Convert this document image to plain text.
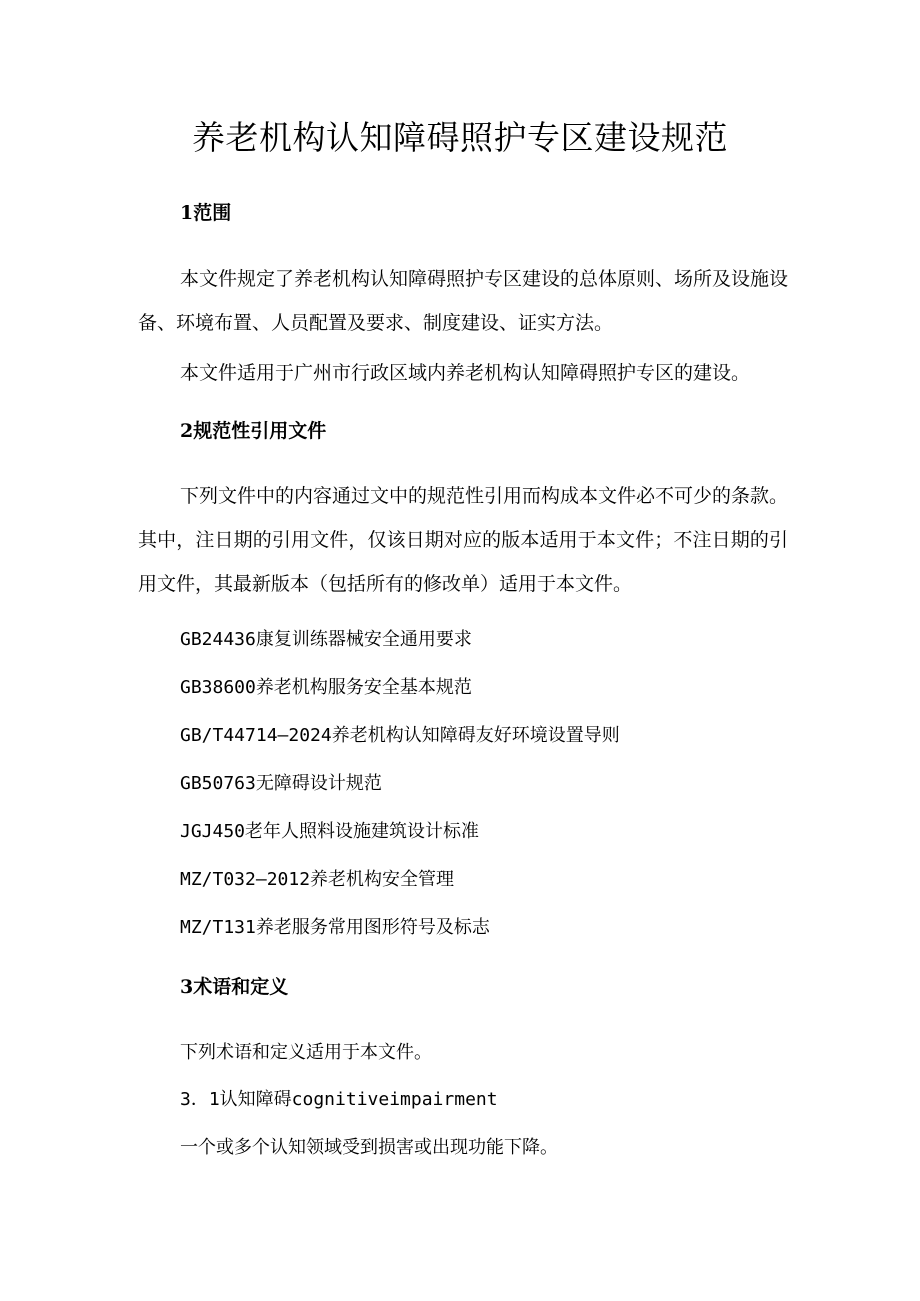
养老机构认知障碍照护专区建设规范
1范围

本文件规定了养老机构认知障碍照护专区建设的总体原则、场所及设施设备、环境布置、人员配置及要求、制度建设、证实方法。

本文件适用于广州市行政区域内养老机构认知障碍照护专区的建设。

2规范性引用文件

下列文件中的内容通过文中的规范性引用而构成本文件必不可少的条款。其中，注日期的引用文件，仅该日期对应的版本适用于本文件；不注日期的引用文件，其最新版本（包括所有的修改单）适用于本文件。

GB24436康复训练器械安全通用要求

GB38600养老机构服务安全基本规范

GB/T44714—2024养老机构认知障碍友好环境设置导则

GB50763无障碍设计规范

JGJ450老年人照料设施建筑设计标准

MZ/T032—2012养老机构安全管理

MZ/T131养老服务常用图形符号及标志

3术语和定义

下列术语和定义适用于本文件。

3．1认知障碍cognitiveimpairment

一个或多个认知领域受到损害或出现功能下降。
